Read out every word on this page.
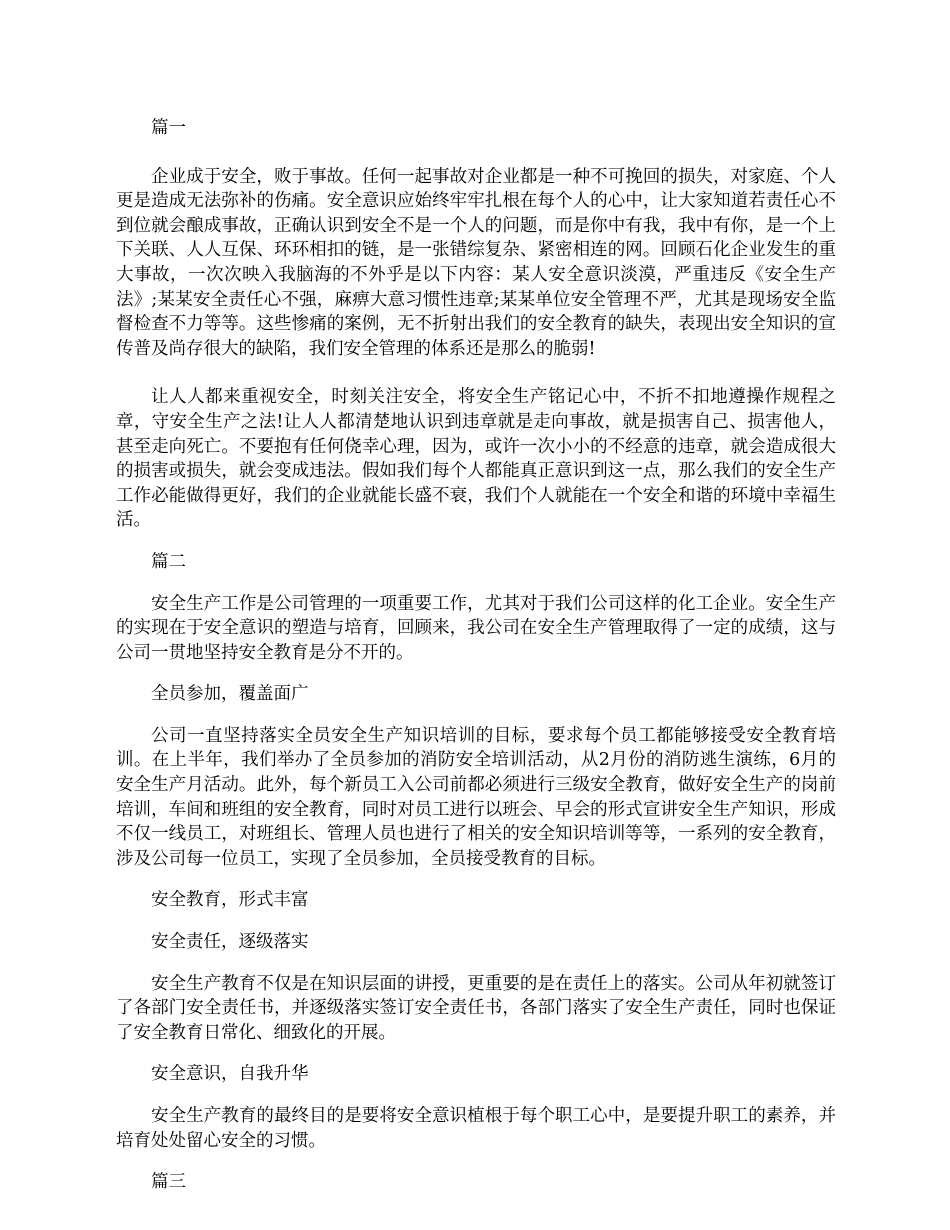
篇一

企业成于安全，败于事故。任何一起事故对企业都是一种不可挽回的损失，对家庭、个人更是造成无法弥补的伤痛。安全意识应始终牢牢扎根在每个人的心中，让大家知道若责任心不到位就会酿成事故，正确认识到安全不是一个人的问题，而是你中有我，我中有你，是一个上下关联、人人互保、环环相扣的链，是一张错综复杂、紧密相连的网。回顾石化企业发生的重大事故，一次次映入我脑海的不外乎是以下内容：某人安全意识淡漠，严重违反《安全生产法》;某某安全责任心不强，麻痹大意习惯性违章;某某单位安全管理不严，尤其是现场安全监督检查不力等等。这些惨痛的案例，无不折射出我们的安全教育的缺失，表现出安全知识的宣传普及尚存很大的缺陷，我们安全管理的体系还是那么的脆弱!

让人人都来重视安全，时刻关注安全，将安全生产铭记心中，不折不扣地遵操作规程之章，守安全生产之法!让人人都清楚地认识到违章就是走向事故，就是损害自己、损害他人，甚至走向死亡。不要抱有任何侥幸心理，因为，或许一次小小的不经意的违章，就会造成很大的损害或损失，就会变成违法。假如我们每个人都能真正意识到这一点，那么我们的安全生产工作必能做得更好，我们的企业就能长盛不衰，我们个人就能在一个安全和谐的环境中幸福生活。

篇二

安全生产工作是公司管理的一项重要工作，尤其对于我们公司这样的化工企业。安全生产的实现在于安全意识的塑造与培育，回顾来，我公司在安全生产管理取得了一定的成绩，这与公司一贯地坚持安全教育是分不开的。

全员参加，覆盖面广

公司一直坚持落实全员安全生产知识培训的目标，要求每个员工都能够接受安全教育培训。在上半年，我们举办了全员参加的消防安全培训活动，从2月份的消防逃生演练，6月的安全生产月活动。此外，每个新员工入公司前都必须进行三级安全教育，做好安全生产的岗前培训，车间和班组的安全教育，同时对员工进行以班会、早会的形式宣讲安全生产知识，形成不仅一线员工，对班组长、管理人员也进行了相关的安全知识培训等等，一系列的安全教育，涉及公司每一位员工，实现了全员参加，全员接受教育的目标。

安全教育，形式丰富

安全责任，逐级落实

安全生产教育不仅是在知识层面的讲授，更重要的是在责任上的落实。公司从年初就签订了各部门安全责任书，并逐级落实签订安全责任书，各部门落实了安全生产责任，同时也保证了安全教育日常化、细致化的开展。

安全意识，自我升华

安全生产教育的最终目的是要将安全意识植根于每个职工心中，是要提升职工的素养，并培育处处留心安全的习惯。

篇三
